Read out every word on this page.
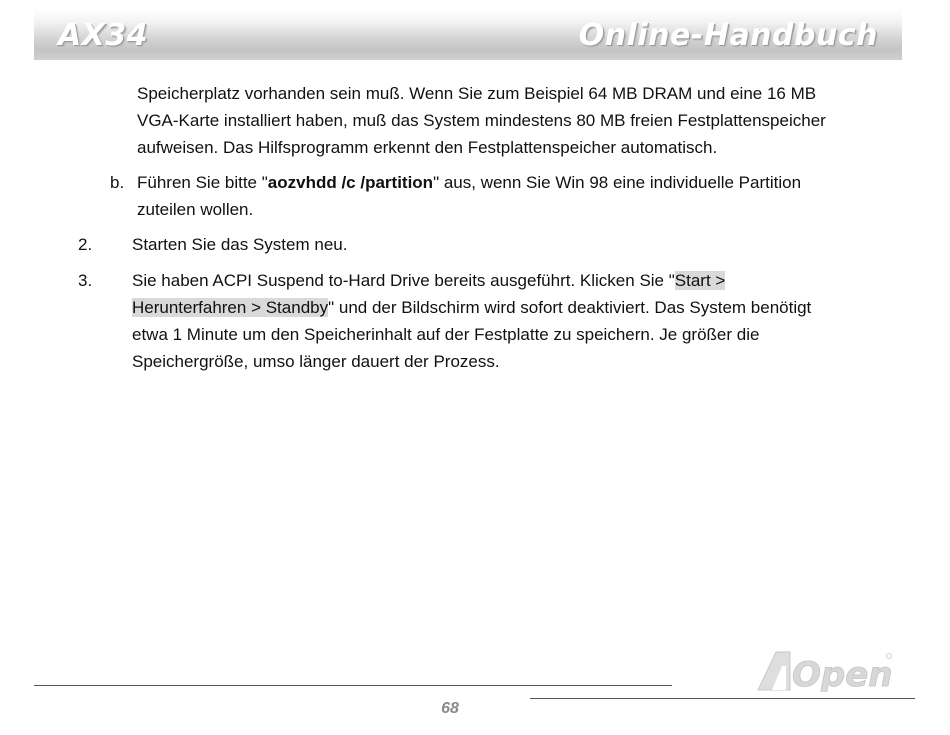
AX34	Online-Handbuch
Speicherplatz vorhanden sein muß. Wenn Sie zum Beispiel 64 MB DRAM und eine 16 MB
VGA-Karte installiert haben, muß das System mindestens 80 MB freien Festplattenspeicher
aufweisen. Das Hilfsprogramm erkennt den Festplattenspeicher automatisch.
b. Führen Sie bitte "aozvhdd /c /partition" aus, wenn Sie Win 98 eine individuelle Partition
zuteilen wollen.
2. Starten Sie das System neu.
3. Sie haben ACPI Suspend to-Hard Drive bereits ausgeführt. Klicken Sie "Start >
Herunterfahren > Standby" und der Bildschirm wird sofort deaktiviert. Das System benötigt
etwa 1 Minute um den Speicherinhalt auf der Festplatte zu speichern. Je größer die
Speichergröße, umso länger dauert der Prozess.
68
Open
